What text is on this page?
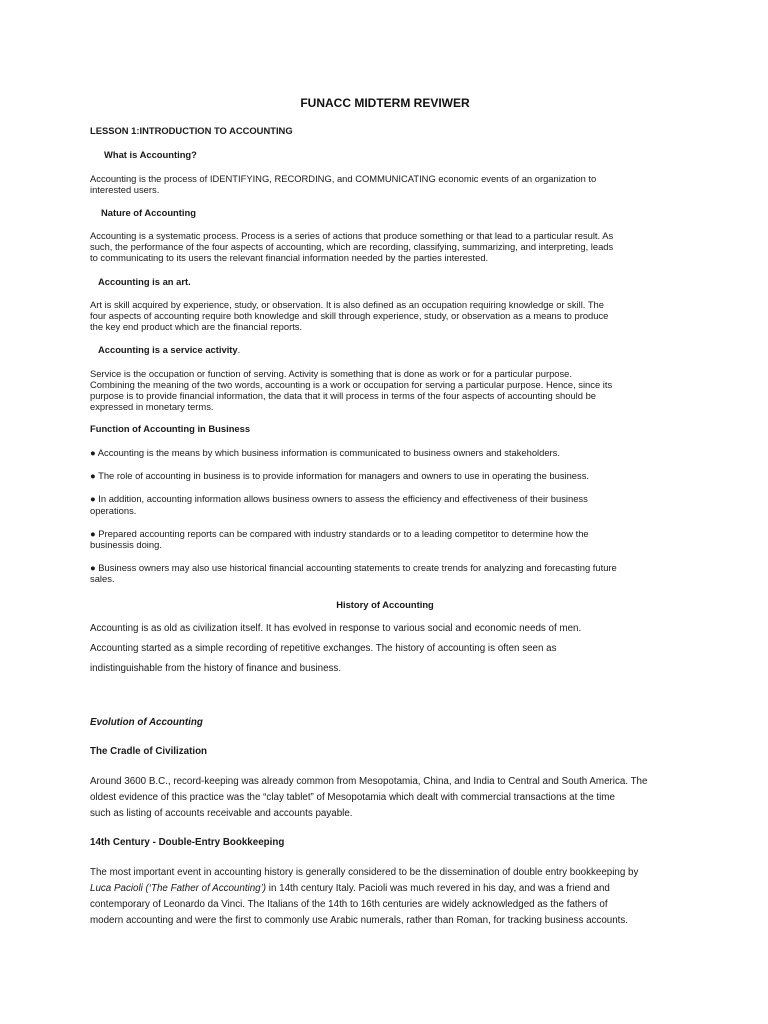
FUNACC MIDTERM REVIWER
LESSON 1:INTRODUCTION TO ACCOUNTING
What is Accounting?
Accounting is the process of IDENTIFYING, RECORDING, and COMMUNICATING economic events of an organization to
interested users.
Nature of Accounting
Accounting is a systematic process. Process is a series of actions that produce something or that lead to a particular result. As
such, the performance of the four aspects of accounting, which are recording, classifying, summarizing, and interpreting, leads
to communicating to its users the relevant financial information needed by the parties interested.
Accounting is an art.
Art is skill acquired by experience, study, or observation. It is also defined as an occupation requiring knowledge or skill. The
four aspects of accounting require both knowledge and skill through experience, study, or observation as a means to produce
the key end product which are the financial reports.
Accounting is a service activity.
Service is the occupation or function of serving. Activity is something that is done as work or for a particular purpose.
Combining the meaning of the two words, accounting is a work or occupation for serving a particular purpose. Hence, since its
purpose is to provide financial information, the data that it will process in terms of the four aspects of accounting should be
expressed in monetary terms.
Function of Accounting in Business
● Accounting is the means by which business information is communicated to business owners and stakeholders.
● The role of accounting in business is to provide information for managers and owners to use in operating the business.
● In addition, accounting information allows business owners to assess the efficiency and effectiveness of their business
operations.
● Prepared accounting reports can be compared with industry standards or to a leading competitor to determine how the
businessis doing.
● Business owners may also use historical financial accounting statements to create trends for analyzing and forecasting future
sales.
History of Accounting
Accounting is as old as civilization itself. It has evolved in response to various social and economic needs of men.
Accounting started as a simple recording of repetitive exchanges. The history of accounting is often seen as
indistinguishable from the history of finance and business.
Evolution of Accounting
The Cradle of Civilization
Around 3600 B.C., record-keeping was already common from Mesopotamia, China, and India to Central and South America. The
oldest evidence of this practice was the “clay tablet” of Mesopotamia which dealt with commercial transactions at the time
such as listing of accounts receivable and accounts payable.
14th Century - Double-Entry Bookkeeping
The most important event in accounting history is generally considered to be the dissemination of double entry bookkeeping by
Luca Pacioli (‘The Father of Accounting’) in 14th century Italy. Pacioli was much revered in his day, and was a friend and
contemporary of Leonardo da Vinci. The Italians of the 14th to 16th centuries are widely acknowledged as the fathers of
modern accounting and were the first to commonly use Arabic numerals, rather than Roman, for tracking business accounts.
